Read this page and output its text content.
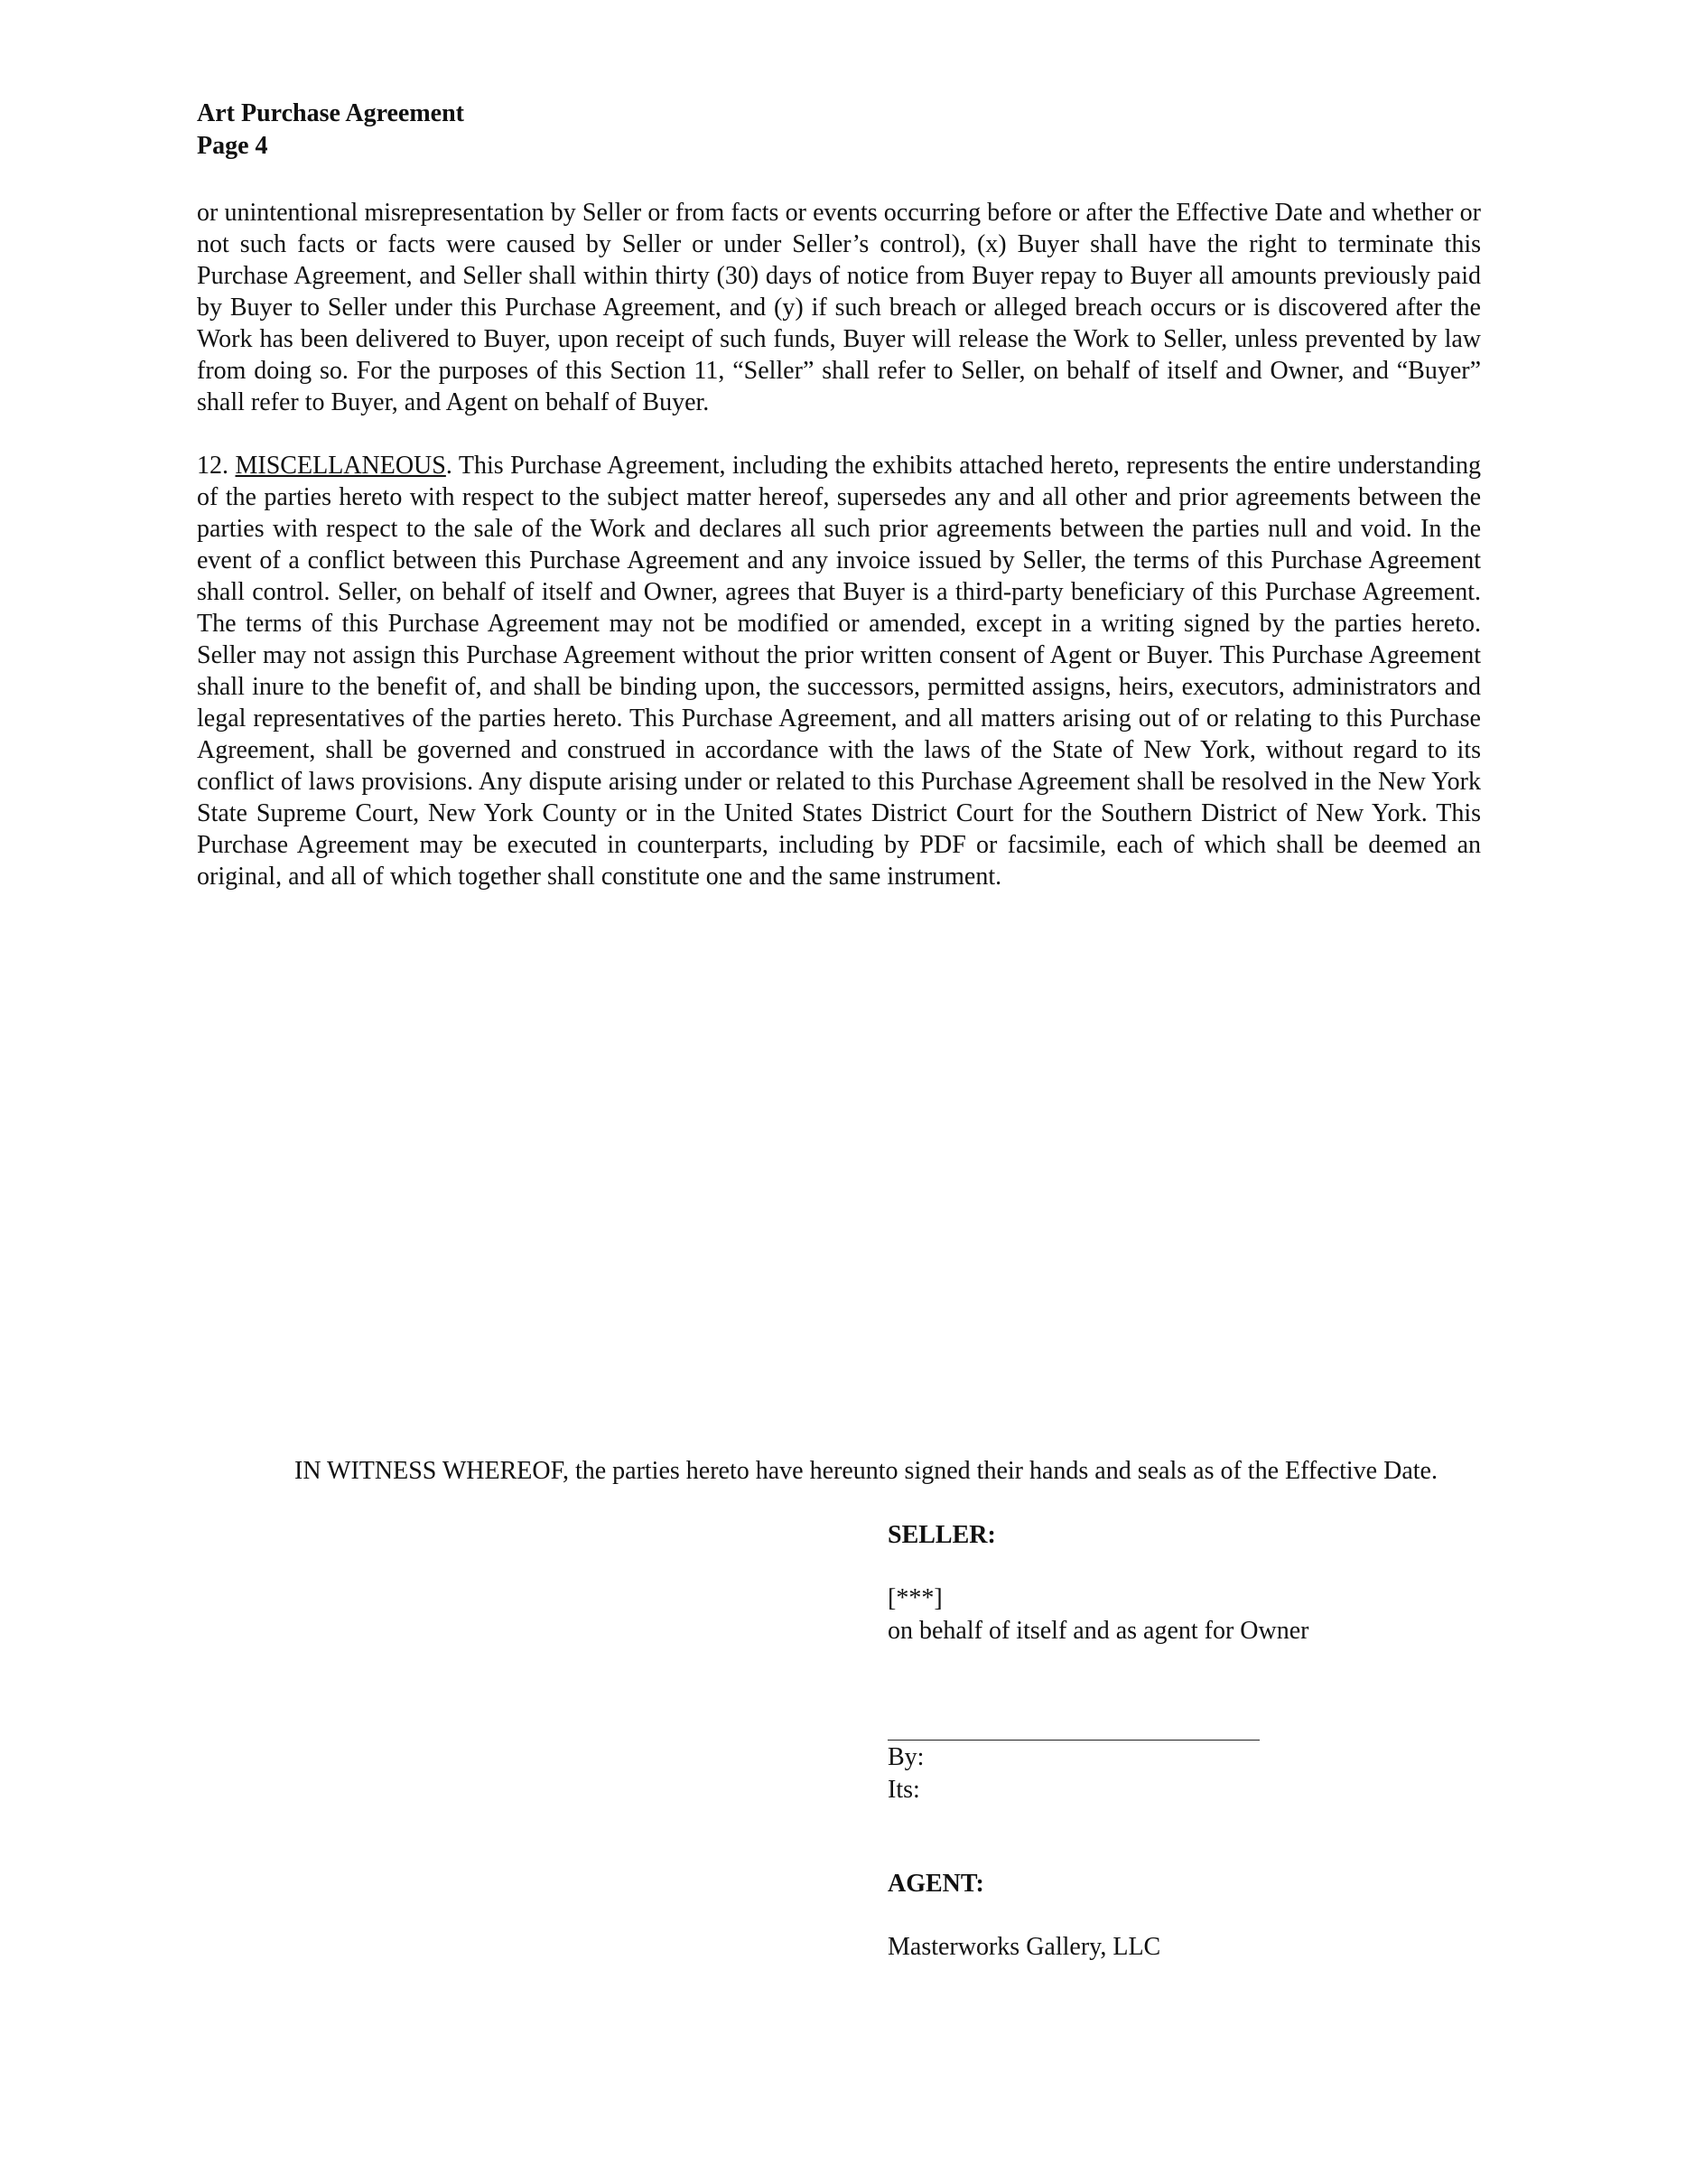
Art Purchase Agreement
Page 4
or unintentional misrepresentation by Seller or from facts or events occurring before or after the Effective Date and whether or not such facts or facts were caused by Seller or under Seller’s control), (x) Buyer shall have the right to terminate this Purchase Agreement, and Seller shall within thirty (30) days of notice from Buyer repay to Buyer all amounts previously paid by Buyer to Seller under this Purchase Agreement, and (y) if such breach or alleged breach occurs or is discovered after the Work has been delivered to Buyer, upon receipt of such funds, Buyer will release the Work to Seller, unless prevented by law from doing so. For the purposes of this Section 11, “Seller” shall refer to Seller, on behalf of itself and Owner, and “Buyer” shall refer to Buyer, and Agent on behalf of Buyer.
12. MISCELLANEOUS. This Purchase Agreement, including the exhibits attached hereto, represents the entire understanding of the parties hereto with respect to the subject matter hereof, supersedes any and all other and prior agreements between the parties with respect to the sale of the Work and declares all such prior agreements between the parties null and void. In the event of a conflict between this Purchase Agreement and any invoice issued by Seller, the terms of this Purchase Agreement shall control. Seller, on behalf of itself and Owner, agrees that Buyer is a third-party beneficiary of this Purchase Agreement. The terms of this Purchase Agreement may not be modified or amended, except in a writing signed by the parties hereto. Seller may not assign this Purchase Agreement without the prior written consent of Agent or Buyer. This Purchase Agreement shall inure to the benefit of, and shall be binding upon, the successors, permitted assigns, heirs, executors, administrators and legal representatives of the parties hereto. This Purchase Agreement, and all matters arising out of or relating to this Purchase Agreement, shall be governed and construed in accordance with the laws of the State of New York, without regard to its conflict of laws provisions. Any dispute arising under or related to this Purchase Agreement shall be resolved in the New York State Supreme Court, New York County or in the United States District Court for the Southern District of New York. This Purchase Agreement may be executed in counterparts, including by PDF or facsimile, each of which shall be deemed an original, and all of which together shall constitute one and the same instrument.
IN WITNESS WHEREOF, the parties hereto have hereunto signed their hands and seals as of the Effective Date.
SELLER:
[***]
on behalf of itself and as agent for Owner
By:
Its:
AGENT:
Masterworks Gallery, LLC
